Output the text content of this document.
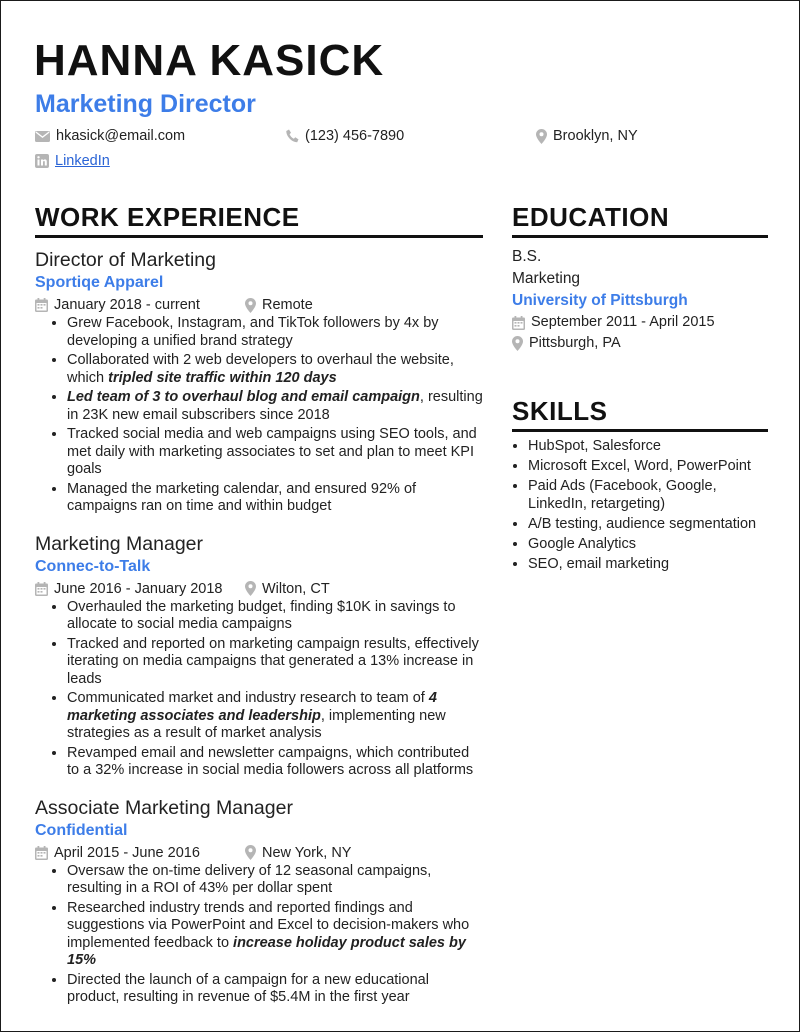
HANNA KASICK
Marketing Director
hkasick@email.com	(123) 456-7890	Brooklyn, NY
LinkedIn
WORK EXPERIENCE
Director of Marketing
Sportiqe Apparel
January 2018 - current	Remote
• Grew Facebook, Instagram, and TikTok followers by 4x by developing a unified brand strategy
• Collaborated with 2 web developers to overhaul the website, which tripled site traffic within 120 days
• Led team of 3 to overhaul blog and email campaign, resulting in 23K new email subscribers since 2018
• Tracked social media and web campaigns using SEO tools, and met daily with marketing associates to set and plan to meet KPI goals
• Managed the marketing calendar, and ensured 92% of campaigns ran on time and within budget
Marketing Manager
Connec-to-Talk
June 2016 - January 2018	Wilton, CT
• Overhauled the marketing budget, finding $10K in savings to allocate to social media campaigns
• Tracked and reported on marketing campaign results, effectively iterating on media campaigns that generated a 13% increase in leads
• Communicated market and industry research to team of 4 marketing associates and leadership, implementing new strategies as a result of market analysis
• Revamped email and newsletter campaigns, which contributed to a 32% increase in social media followers across all platforms
Associate Marketing Manager
Confidential
April 2015 - June 2016	New York, NY
• Oversaw the on-time delivery of 12 seasonal campaigns, resulting in a ROI of 43% per dollar spent
• Researched industry trends and reported findings and suggestions via PowerPoint and Excel to decision-makers who implemented feedback to increase holiday product sales by 15%
• Directed the launch of a campaign for a new educational product, resulting in revenue of $5.4M in the first year
EDUCATION
B.S.
Marketing
University of Pittsburgh
September 2011 - April 2015
Pittsburgh, PA
SKILLS
• HubSpot, Salesforce
• Microsoft Excel, Word, PowerPoint
• Paid Ads (Facebook, Google, LinkedIn, retargeting)
• A/B testing, audience segmentation
• Google Analytics
• SEO, email marketing
